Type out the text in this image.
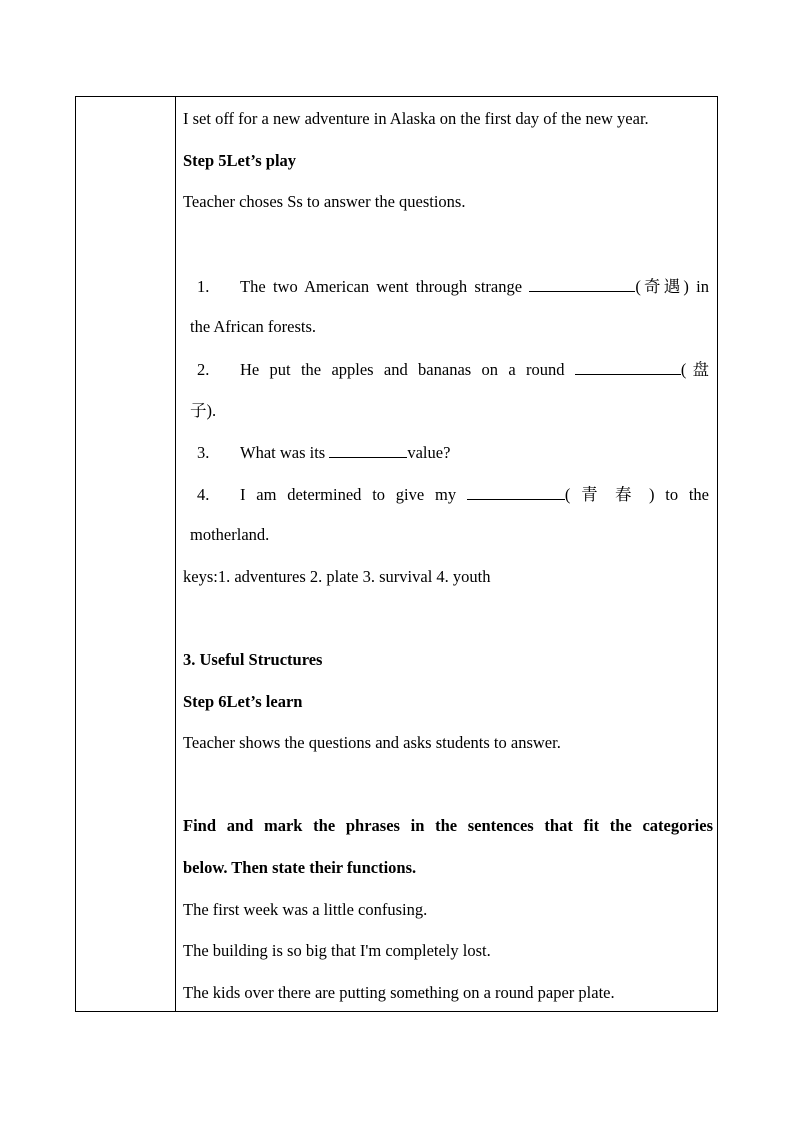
I set off for a new adventure in Alaska on the first day of the new year.
Step 5Let’s play
Teacher choses Ss to answer the questions.
1. The two American went through strange	(奇遇) in
the African forests.
2. He put the apples and bananas on a round	(盘
子).
3. What was its	value?
4. I am determined to give my	( 青 春 ) to the
motherland.
keys:1. adventures 2. plate 3. survival 4. youth
3. Useful Structures
Step 6Let’s learn
Teacher shows the questions and asks students to answer.
Find and mark the phrases in the sentences that fit the categories
below. Then state their functions.
The first week was a little confusing.
The building is so big that I'm completely lost.
The kids over there are putting something on a round paper plate.
